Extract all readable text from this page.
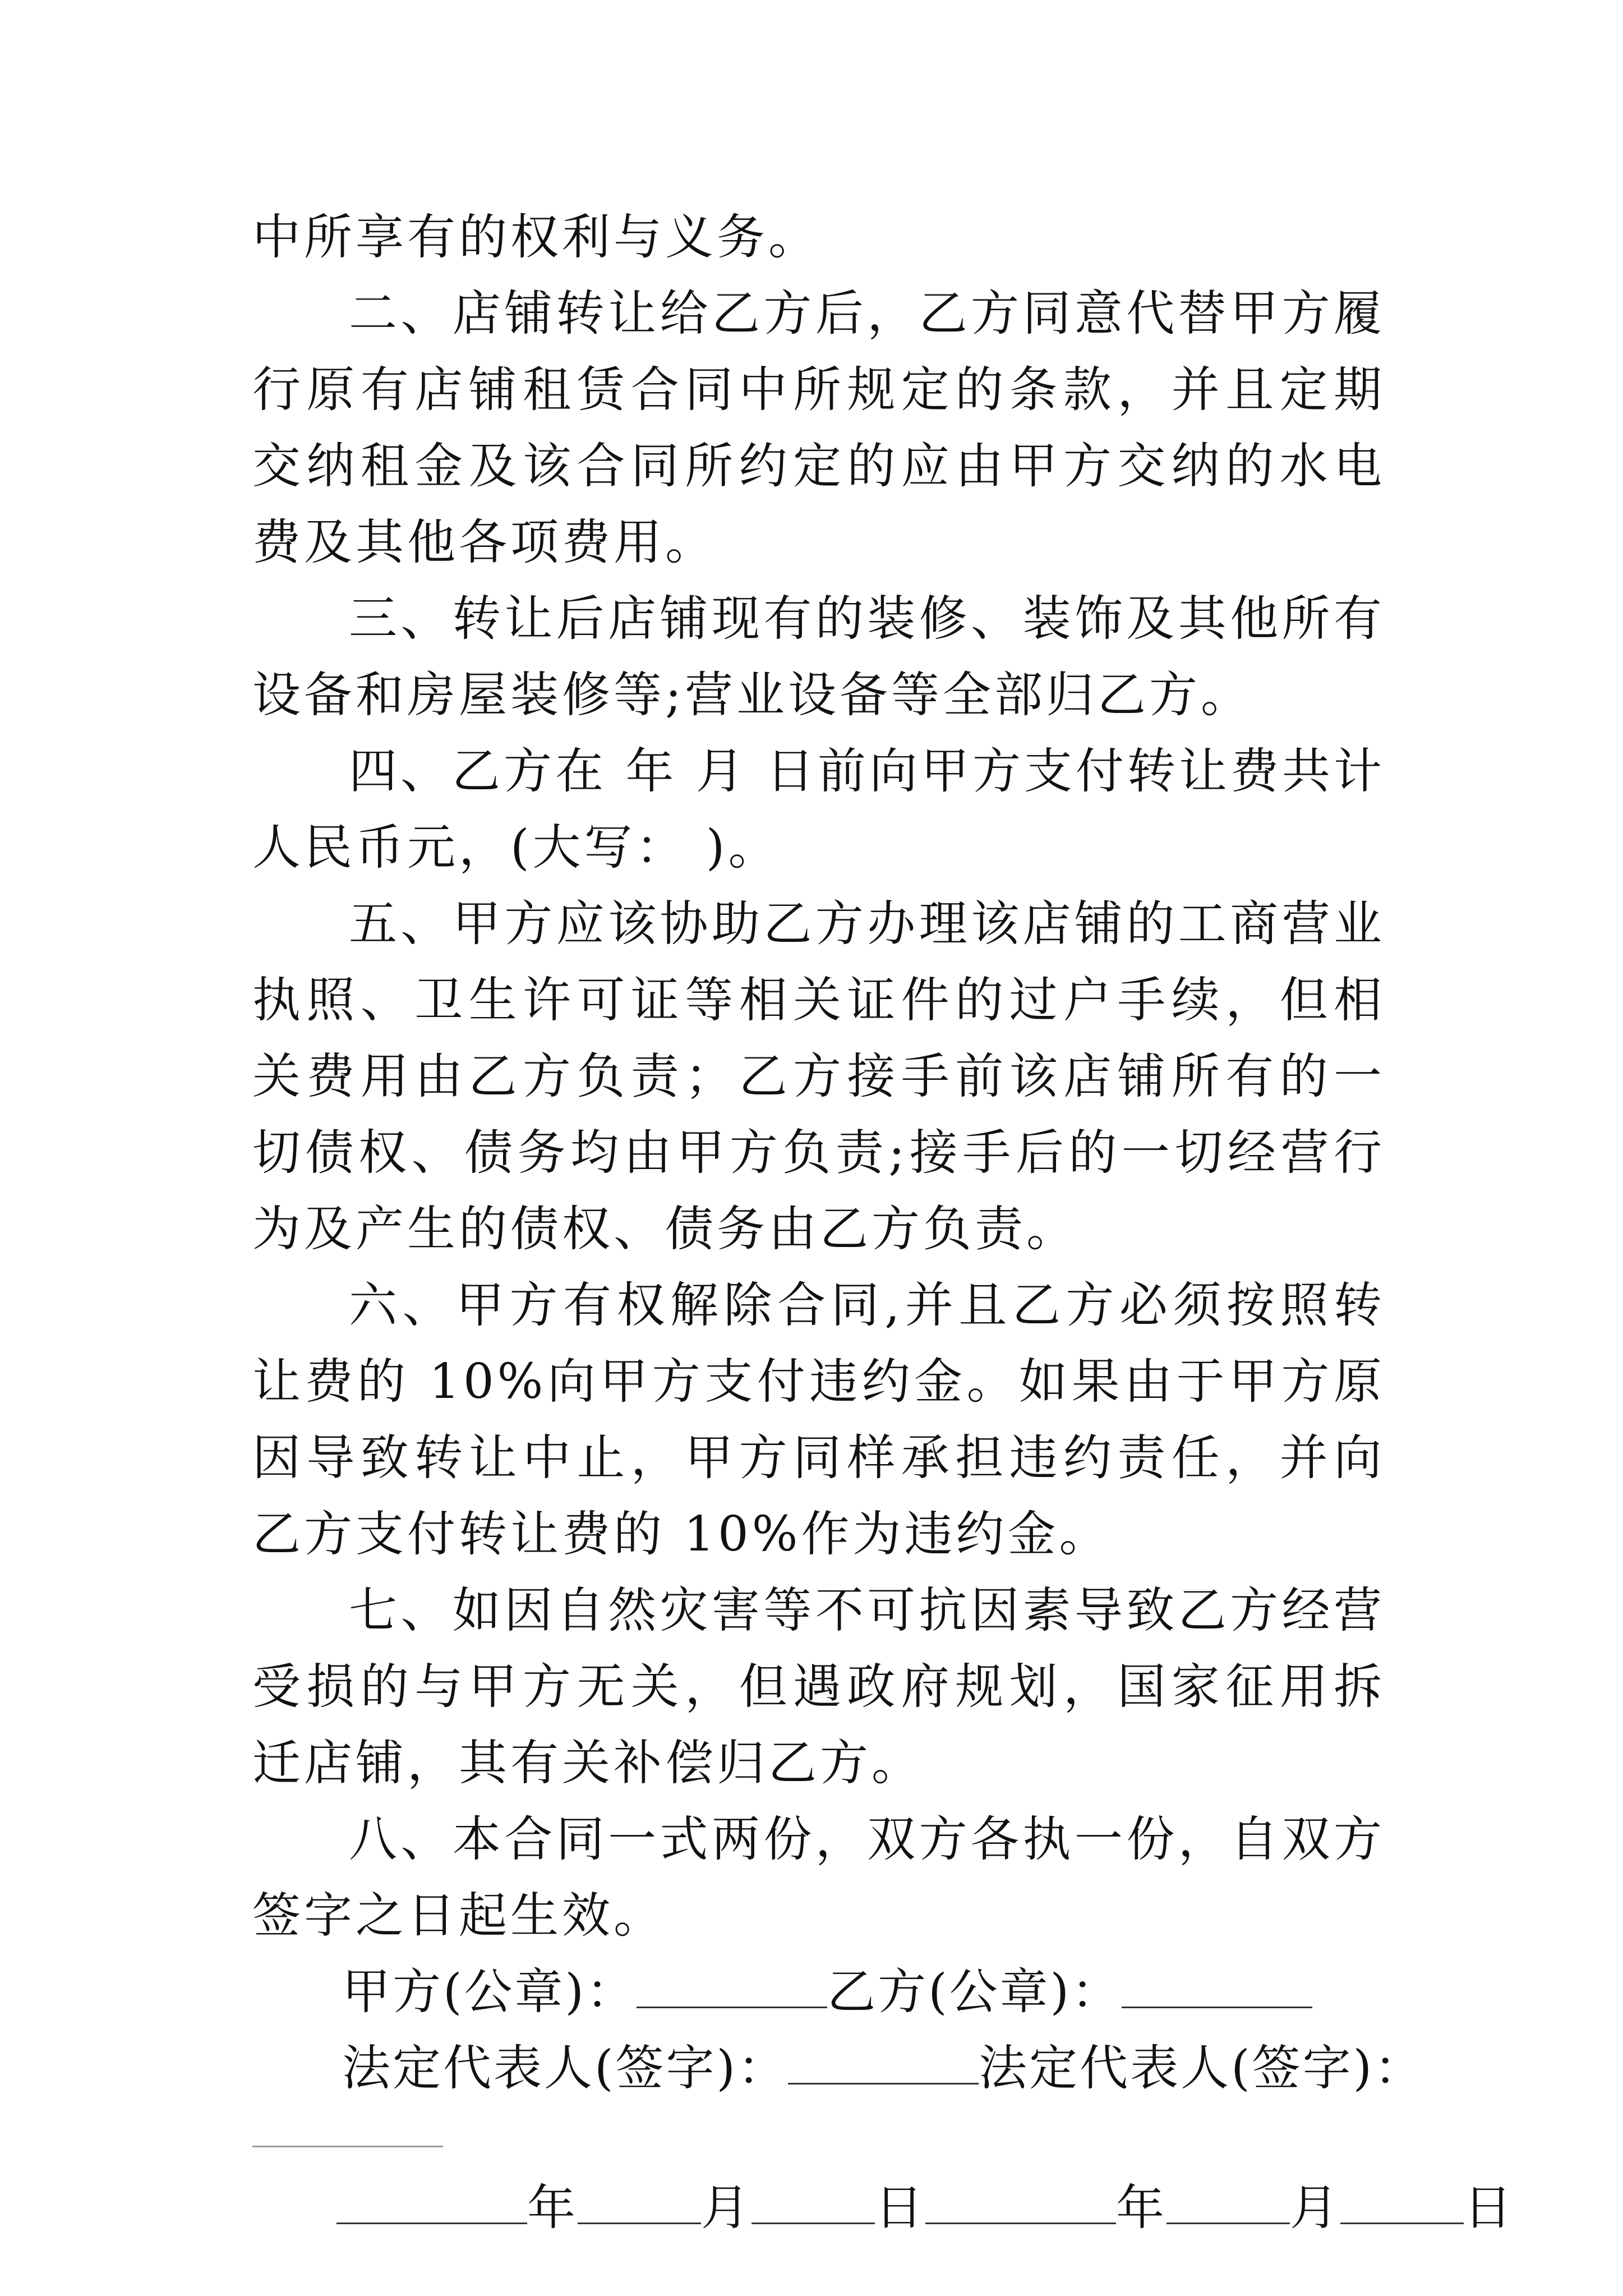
中所享有的权利与义务。

二、店铺转让给乙方后，乙方同意代替甲方履行原有店铺租赁合同中所规定的条款，并且定期交纳租金及该合同所约定的应由甲方交纳的水电费及其他各项费用。

三、转让后店铺现有的装修、装饰及其他所有设备和房屋装修等;营业设备等全部归乙方。

四、乙方在 年 月 日前向甲方支付转让费共计人民币元，(大写： )。

五、甲方应该协助乙方办理该店铺的工商营业执照、卫生许可证等相关证件的过户手续，但相关费用由乙方负责；乙方接手前该店铺所有的一切债权、债务均由甲方负责;接手后的一切经营行为及产生的债权、债务由乙方负责。

六、甲方有权解除合同,并且乙方必须按照转让费的 10%向甲方支付违约金。如果由于甲方原因导致转让中止，甲方同样承担违约责任，并向乙方支付转让费的 10%作为违约金。

七、如因自然灾害等不可抗因素导致乙方经营受损的与甲方无关，但遇政府规划，国家征用拆迁店铺，其有关补偿归乙方。

八、本合同一式两份，双方各执一份，自双方签字之日起生效。

甲方(公章)：	乙方(公章)：

法定代表人(签字)：	法定代表人(签字)：

年	月	日	年	月	日
